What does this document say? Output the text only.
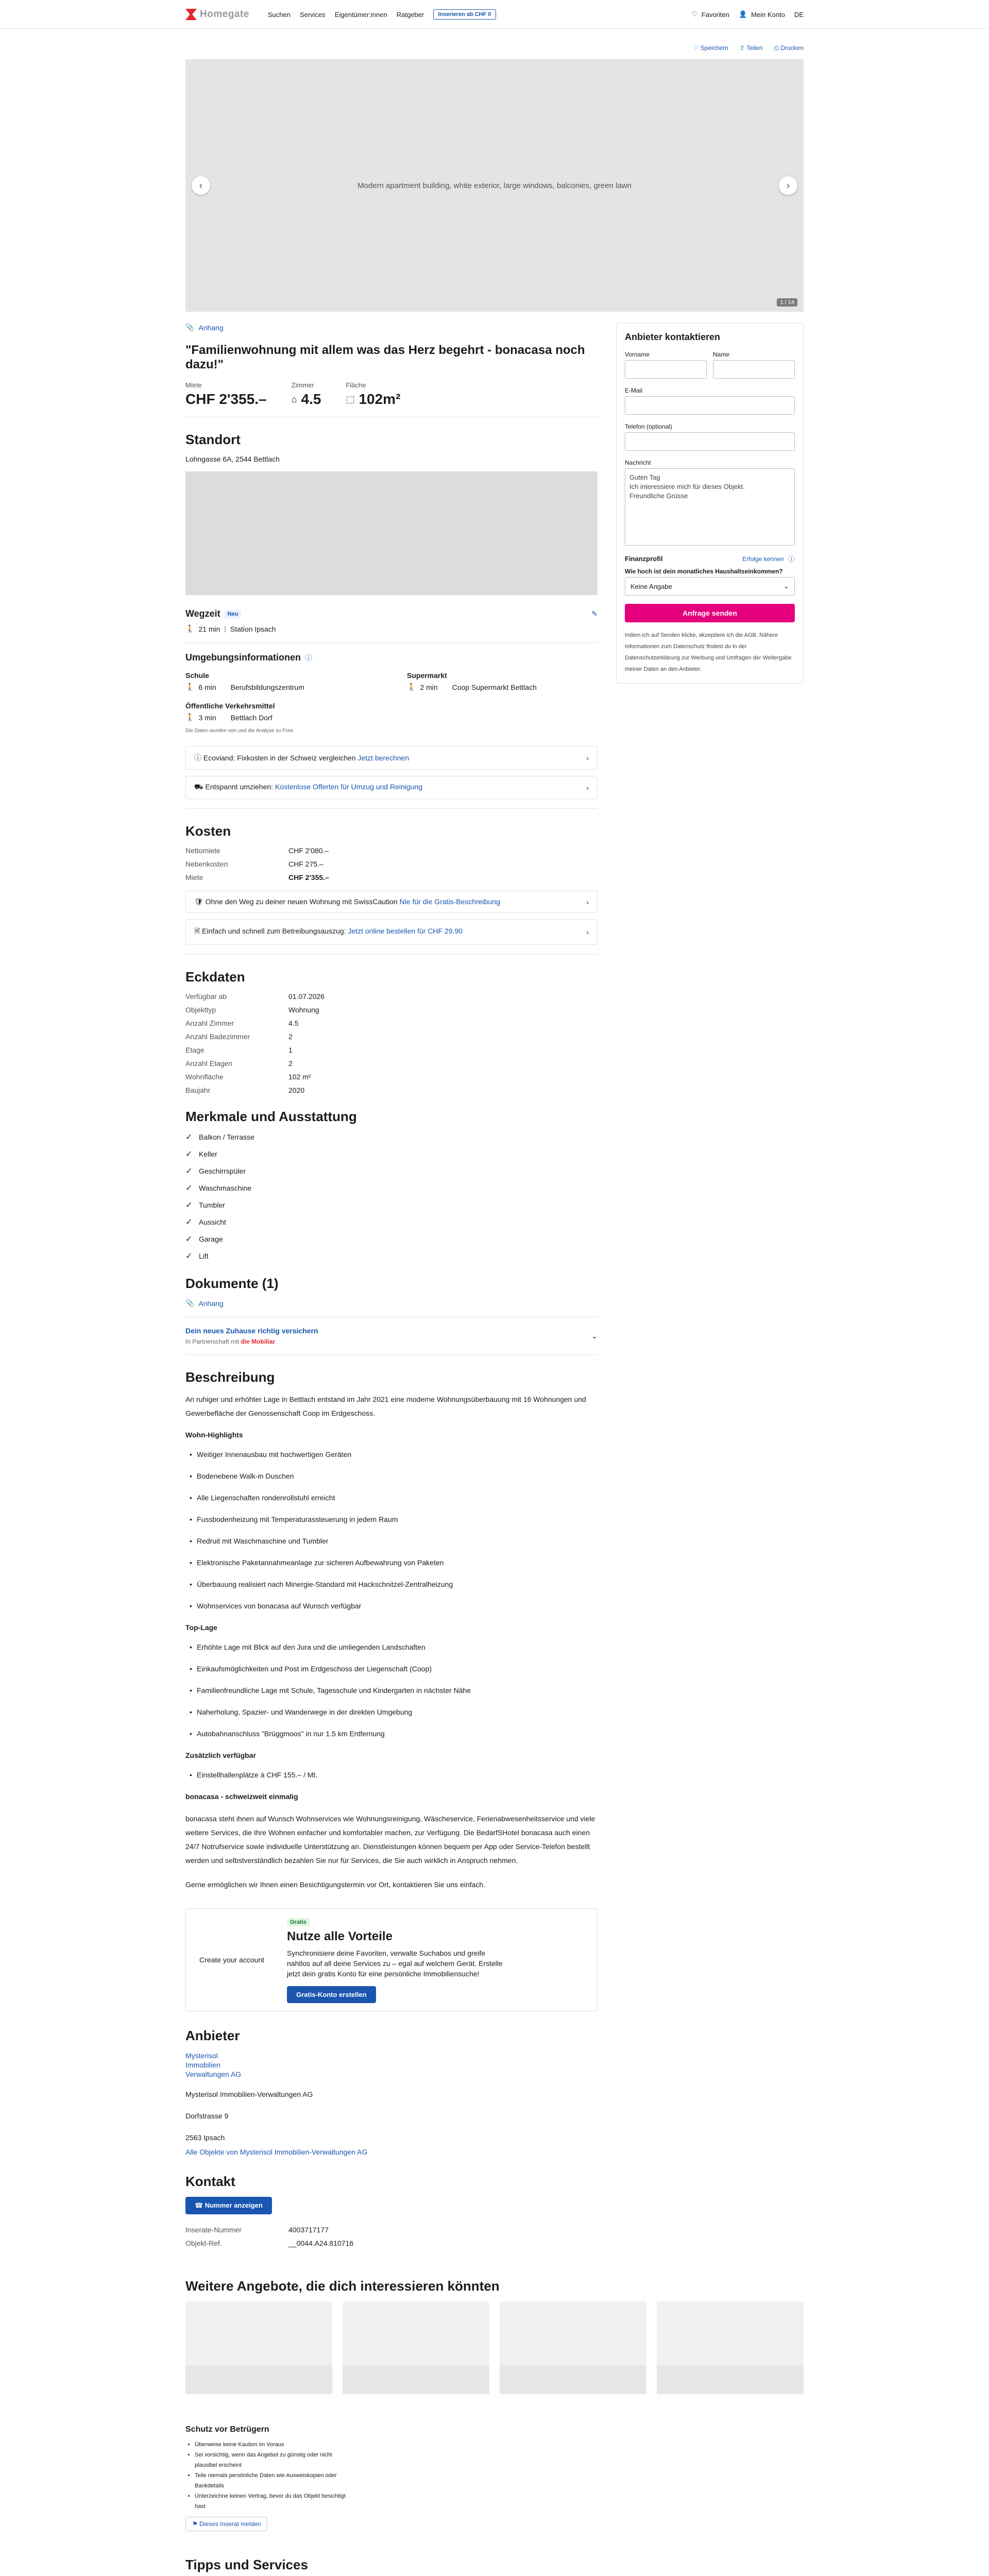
Homegate	Suchen Services Eigentümer:innen Ratgeber	Inserieren ab CHF 0	♡ Favoriten 👤 Mein Konto DE
♡ Speichern ⇪ Teilen ⎙ Drucken
Modern apartment building, white exterior, large windows, balconies, green lawn
‹	›
1 / 14
📎 Anhang
"Familienwohnung mit allem was das Herz begehrt - bonacasa noch dazu!"
Miete
CHF 2'355.–
Zimmer
⌂ 4.5
Fläche
⬚ 102m²
Standort
Lohngasse 6A, 2544 Bettlach
Wegzeit	Neu	✎
🚶 21 min | Station Ipsach
Umgebungsinformationen ⓘ
Schule
🚶 6 min Berufsbildungszentrum
Supermarkt
🚶 2 min Coop Supermarkt Bettlach
Öffentliche Verkehrsmittel
🚶 3 min Bettlach Dorf
Die Daten wurden von und die Analyse zu Free
ⓘ Ecoviand: Fixkosten in der Schweiz vergleichen Jetzt berechnen	›
⛟ Entspannt umziehen: Kostenlose Offerten für Umzug und Reinigung	›
Kosten
Nettomiete	CHF 2'080.–
Nebenkosten	CHF 275.–
Miete	CHF 2'355.–
🛡 Ohne den Weg zu deiner neuen Wohnung mit SwissCaution Nie für die Gratis-Beschreibung	›
🗎 Einfach und schnell zum Betreibungsauszug: Jetzt online bestellen für CHF 29.90	›
Eckdaten
Verfügbar ab	01.07.2026
Objekttyp	Wohnung
Anzahl Zimmer	4.5
Anzahl Badezimmer	2
Etage	1
Anzahl Etagen	2
Wohnfläche	102 m²
Baujahr	2020
Merkmale und Ausstattung
✓ Balkon / Terrasse
✓ Keller
✓ Geschirrspüler
✓ Waschmaschine
✓ Tumbler
✓ Aussicht
✓ Garage
✓ Lift
Dokumente (1)
📎 Anhang
Dein neues Zuhause richtig versichern
In Partnerschaft mit die Mobiliar
⌄
Beschreibung

An ruhiger und erhöhter Lage in Bettlach entstand im Jahr 2021 eine moderne Wohnungsüberbauung mit 16 Wohnungen und Gewerbefläche der Genossenschaft Coop im Erdgeschoss.

Wohn-Highlights
• Weitiger Innenausbau mit hochwertigen Geräten
• Bodenebene Walk-in Duschen
• Alle Liegenschaften rondenrollstuhl erreicht
• Fussbodenheizung mit Temperaturassteuerung in jedem Raum
• Redruit mit Waschmaschine und Tumbler
• Elektronische Paketannahmeanlage zur sicheren Aufbewahrung von Paketen
• Überbauung realisiert nach Minergie-Standard mit Hackschnitzel-Zentralheizung
• Wohnservices von bonacasa auf Wunsch verfügbar
Top-Lage
• Erhöhte Lage mit Blick auf den Jura und die umliegenden Landschaften
• Einkaufsmöglichkeiten und Post im Erdgeschoss der Liegenschaft (Coop)
• Familienfreundliche Lage mit Schule, Tagesschule und Kindergarten in nächster Nähe
• Naherholung, Spazier- und Wanderwege in der direkten Umgebung
• Autobahnanschluss "Brüggmoos" in nur 1.5 km Entfernung
Zusätzlich verfügbar
• Einstellhallenplätze à CHF 155.– / Mt.
bonacasa - schweizweit einmalig

bonacasa steht ihnen auf Wunsch Wohnservices wie Wohnungsreinigung, Wäscheservice, Ferienabwesenheitsservice und viele weitere Services, die Ihre Wohnen einfacher und komfortabler machen, zur Verfügung. Die BedarfSHotel bonacasa auch einen 24/7 Notrufservice sowie individuelle Unterstützung an. Dienstleistungen können bequem per App oder Service-Telefon bestellt werden und selbstverständlich bezahlen Sie nur für Services, die Sie auch wirklich in Anspruch nehmen.

Gerne ermöglichen wir Ihnen einen Besichtigungstermin vor Ort, kontaktieren Sie uns einfach.

Create your account
Gratis
Nutze alle Vorteile
Synchronisiere deine Favoriten, verwalte Suchabos und greife nahtlos auf all deine Services zu – egal auf welchem Gerät. Erstelle jetzt dein gratis Konto für eine persönliche Immobiliensuche!
Gratis-Konto erstellen
Anbieter
Mysterisol Immobilien Verwaltungen AG
Mysterisol Immobilien-Verwaltungen AG
Dorfstrasse 9
2563 Ipsach
Alle Objekte von Mysterisol Immobilien-Verwaltungen AG
Kontakt
☎ Nummer anzeigen
Inserate-Nummer	4003717177
Objekt-Ref.	__0044.A24.810716
Anbieter kontaktieren
Vorname	Name
E-Mail
Telefon (optional)
Nachricht
Guten Tag
Ich interessiere mich für dieses Objekt.
Freundliche Grüsse
Finanzprofil	Erfolge kennen ⓘ
Wie hoch ist dein monatliches Haushaltseinkommen?
Keine Angabe	⌄
Anfrage senden
Indem ich auf Senden klicke, akzeptiere ich die AGB. Nähere Informationen zum Datenschutz findest du in der Datenschutzerklärung zur Werbung und Umfragen der Weitergabe meiner Daten an den Anbieter.
Weitere Angebote, die dich interessieren könnten
Schutz vor Betrügern
• Überweise keine Kaution im Voraus
• Sei vorsichtig, wenn das Angebot zu günstig oder nicht plausibel erscheint
• Teile niemals persönliche Daten wie Ausweiskopien oder Bankdetails
• Unterzeichne keinen Vertrag, bevor du das Objekt besichtigt hast
⚑ Dieses Inserat melden
Tipps und Services
